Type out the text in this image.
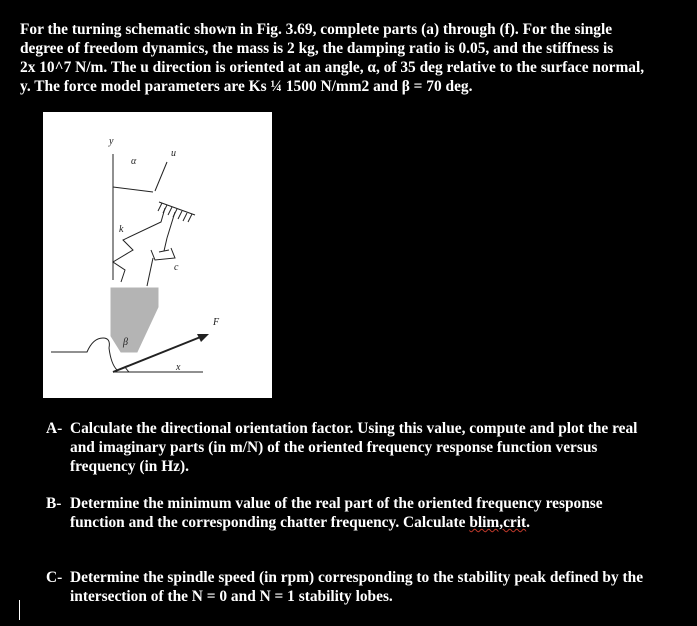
For the turning schematic shown in Fig. 3.69, complete parts (a) through (f). For the single
degree of freedom dynamics, the mass is 2 kg, the damping ratio is 0.05, and the stiffness is
2x 10^7 N/m. The u direction is oriented at an angle, α, of 35 deg relative to the surface normal,
y. The force model parameters are Ks ¼ 1500 N/mm2 and β = 70 deg.
y
α
u
k
c
F
β
x
A- Calculate the directional orientation factor. Using this value, compute and plot the real
and imaginary parts (in m/N) of the oriented frequency response function versus
frequency (in Hz).
B- Determine the minimum value of the real part of the oriented frequency response
function and the corresponding chatter frequency. Calculate blim,crit.
C- Determine the spindle speed (in rpm) corresponding to the stability peak defined by the
intersection of the N = 0 and N = 1 stability lobes.
